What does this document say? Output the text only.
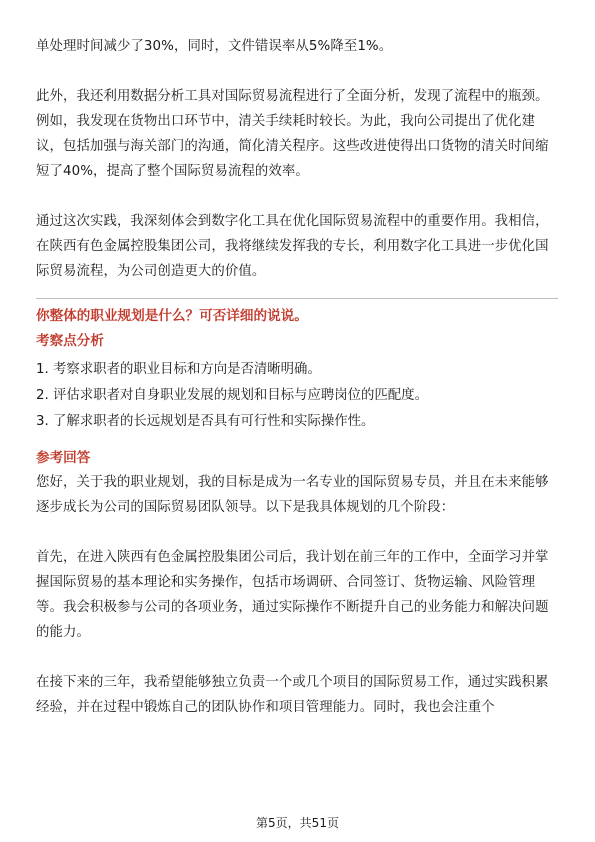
单处理时间减少了30%，同时，文件错误率从5%降至1%。

此外，我还利用数据分析工具对国际贸易流程进行了全面分析，发现了流程中的瓶颈。例如，我发现在货物出口环节中，清关手续耗时较长。为此，我向公司提出了优化建议，包括加强与海关部门的沟通，简化清关程序。这些改进使得出口货物的清关时间缩短了40%，提高了整个国际贸易流程的效率。

通过这次实践，我深刻体会到数字化工具在优化国际贸易流程中的重要作用。我相信，在陕西有色金属控股集团公司，我将继续发挥我的专长，利用数字化工具进一步优化国际贸易流程，为公司创造更大的价值。

你整体的职业规划是什么？可否详细的说说。

考察点分析

1. 考察求职者的职业目标和方向是否清晰明确。
2. 评估求职者对自身职业发展的规划和目标与应聘岗位的匹配度。
3. 了解求职者的长远规划是否具有可行性和实际操作性。

参考回答

您好，关于我的职业规划，我的目标是成为一名专业的国际贸易专员，并且在未来能够逐步成长为公司的国际贸易团队领导。以下是我具体规划的几个阶段：

首先，在进入陕西有色金属控股集团公司后，我计划在前三年的工作中，全面学习并掌握国际贸易的基本理论和实务操作，包括市场调研、合同签订、货物运输、风险管理等。我会积极参与公司的各项业务，通过实际操作不断提升自己的业务能力和解决问题的能力。

在接下来的三年，我希望能够独立负责一个或几个项目的国际贸易工作，通过实践积累经验，并在过程中锻炼自己的团队协作和项目管理能力。同时，我也会注重个

第5页，共51页
